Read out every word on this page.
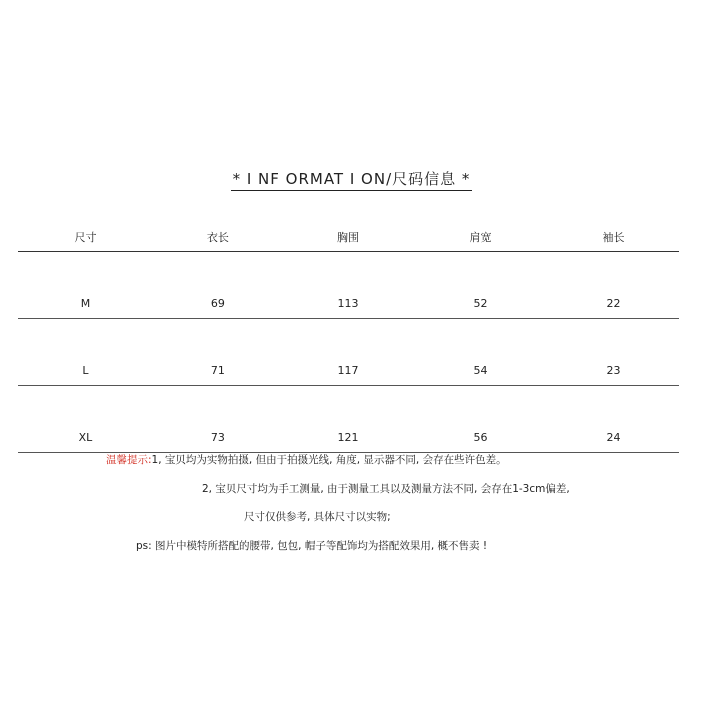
* I NF ORMAT I ON/尺码信息 *
尺寸	衣长	胸围	肩宽	袖长
M	69	113	52	22
L	71	117	54	23
XL	73	121	56	24
温馨提示:1, 宝贝均为实物拍摄, 但由于拍摄光线, 角度, 显示器不同, 会存在些许色差。
2, 宝贝尺寸均为手工测量, 由于测量工具以及测量方法不同, 会存在1-3cm偏差,
尺寸仅供参考, 具体尺寸以实物;
ps: 图片中模特所搭配的腰带, 包包, 帽子等配饰均为搭配效果用, 概不售卖 !
